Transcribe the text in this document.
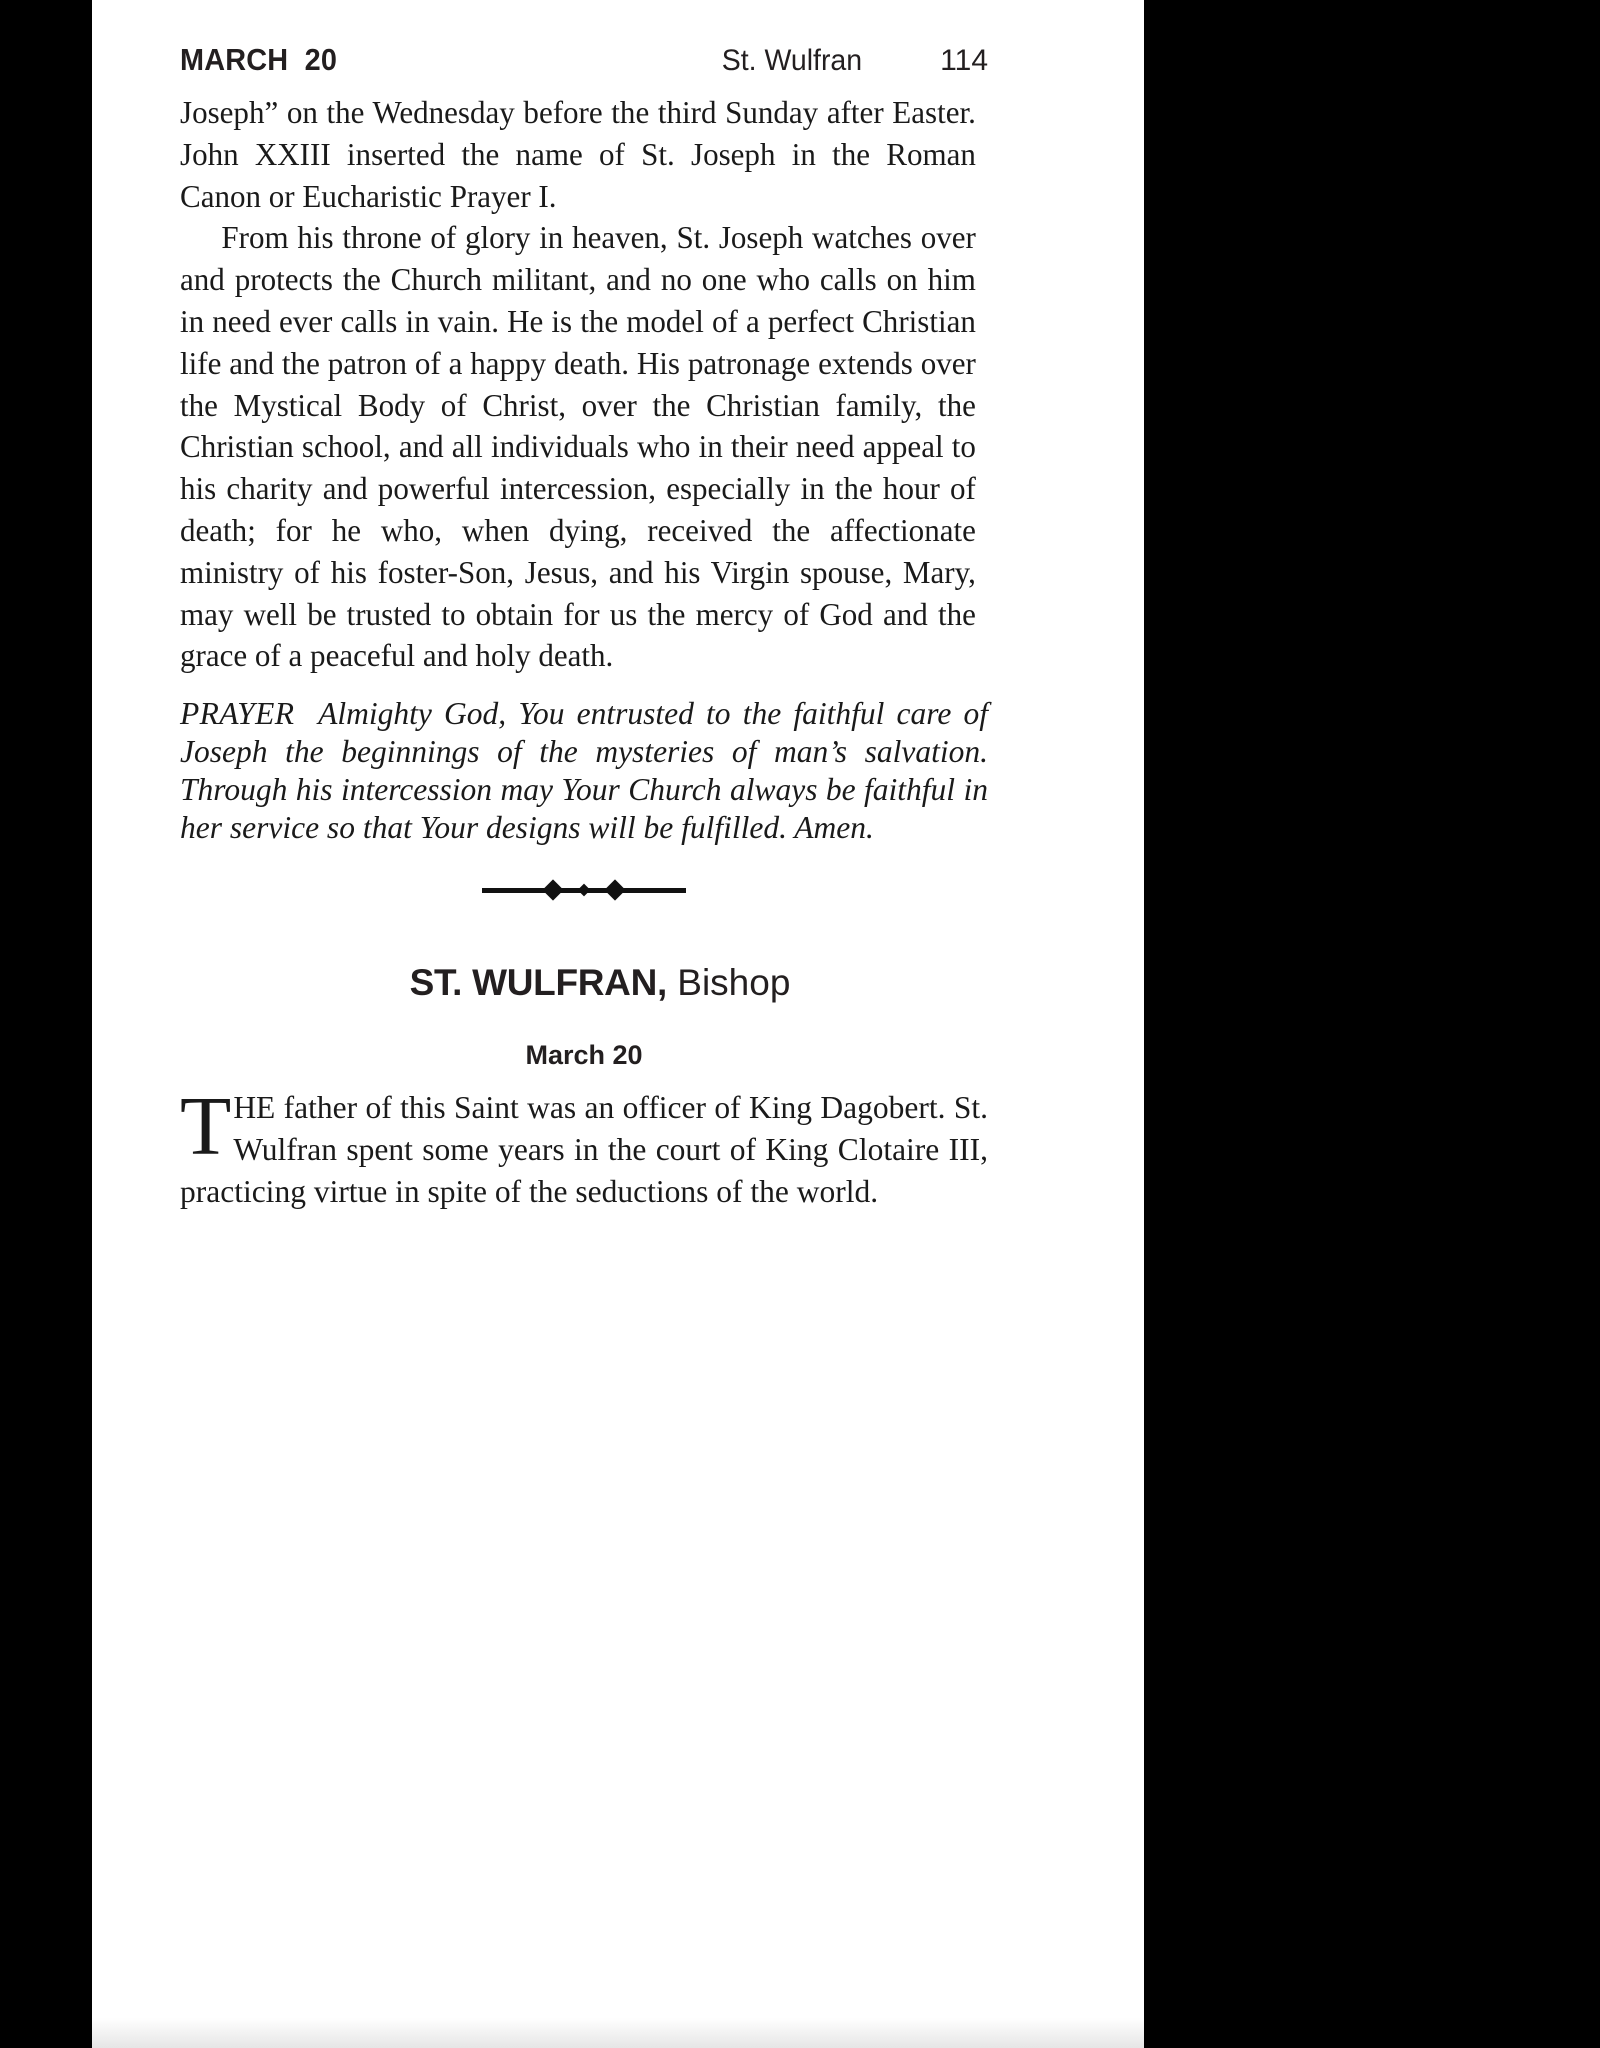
MARCH  20	St. Wulfran	114

Joseph” on the Wednesday before the third Sunday after Easter. John XXIII inserted the name of St. Joseph in the Roman Canon or Eucharistic Prayer I.

From his throne of glory in heaven, St. Joseph watches over and protects the Church militant, and no one who calls on him in need ever calls in vain. He is the model of a perfect Christian life and the patron of a happy death. His patronage extends over the Mystical Body of Christ, over the Christian family, the Christian school, and all individuals who in their need appeal to his charity and powerful intercession, especially in the hour of death; for he who, when dying, received the affectionate ministry of his foster-Son, Jesus, and his Virgin spouse, Mary, may well be trusted to obtain for us the mercy of God and the grace of a peaceful and holy death.

PRAYER Almighty God, You entrusted to the faithful care of Joseph the beginnings of the mysteries of man’s salvation. Through his intercession may Your Church always be faithful in her service so that Your designs will be fulfilled. Amen.

ST. WULFRAN, Bishop

March 20
T HE father of this Saint was an officer of King Dagobert. St. Wulfran spent some years in the court of King Clotaire III, practicing virtue in spite of the seductions of the world.
